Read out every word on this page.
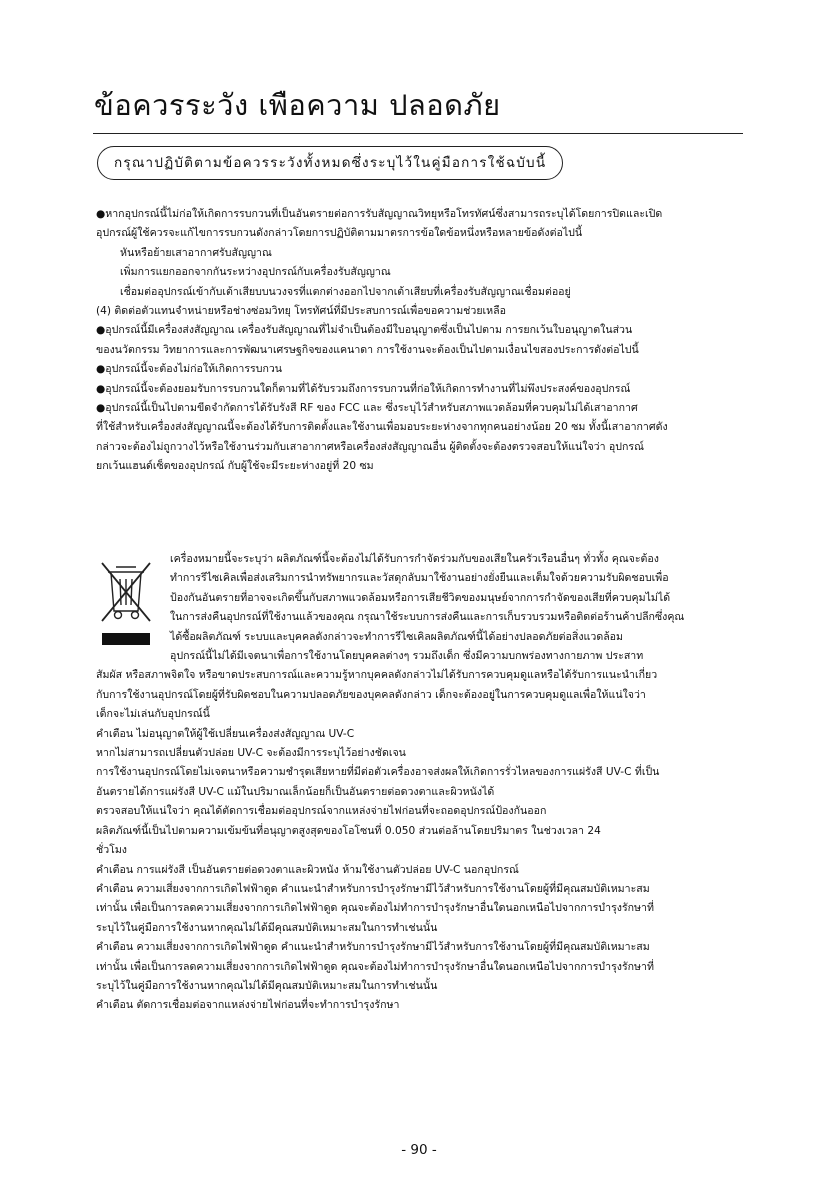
ข้อควรระวัง เพือความ ปลอดภัย
กรุณาปฏิบัติตามข้อควรระวังทั้งหมดซึ่งระบุไว้ในคู่มือการใช้ฉบับนี้

●หากอุปกรณ์นี้ไม่ก่อให้เกิดการรบกวนที่เป็นอันตรายต่อการรับสัญญาณวิทยุหรือโทรทัศน์ซึ่งสามารถระบุได้โดยการปิดและเปิด

อุปกรณ์ผู้ใช้ควรจะแก้ไขการรบกวนดังกล่าวโดยการปฏิบัติตามมาตรการข้อใดข้อหนึ่งหรือหลายข้อดังต่อไปนี้

หันหรือย้ายเสาอากาศรับสัญญาณ

เพิ่มการแยกออกจากกันระหว่างอุปกรณ์กับเครื่องรับสัญญาณ

เชื่อมต่ออุปกรณ์เข้ากับเต้าเสียบบนวงจรที่แตกต่างออกไปจากเต้าเสียบที่เครื่องรับสัญญาณเชื่อมต่ออยู่

(4) ติดต่อตัวแทนจำหน่ายหรือช่างซ่อมวิทยุ โทรทัศน์ที่มีประสบการณ์เพื่อขอความช่วยเหลือ

●อุปกรณ์นี้มีเครื่องส่งสัญญาณ เครื่องรับสัญญาณที่ไม่จำเป็นต้องมีใบอนุญาตซึ่งเป็นไปตาม การยกเว้นใบอนุญาตในส่วน

ของนวัตกรรม วิทยาการและการพัฒนาเศรษฐกิจของแคนาดา การใช้งานจะต้องเป็นไปตามเงื่อนไขสองประการดังต่อไปนี้

●อุปกรณ์นี้จะต้องไม่ก่อให้เกิดการรบกวน

●อุปกรณ์นี้จะต้องยอมรับการรบกวนใดก็ตามที่ได้รับรวมถึงการรบกวนที่ก่อให้เกิดการทำงานที่ไม่พึงประสงค์ของอุปกรณ์

●อุปกรณ์นี้เป็นไปตามขีดจำกัดการได้รับรังสี RF ของ FCC และ ซึ่งระบุไว้สำหรับสภาพแวดล้อมที่ควบคุมไม่ได้เสาอากาศ

ที่ใช้สำหรับเครื่องส่งสัญญาณนี้จะต้องได้รับการติดตั้งและใช้งานเพื่อมอบระยะห่างจากทุกคนอย่างน้อย 20 ซม ทั้งนี้เสาอากาศดัง

กล่าวจะต้องไม่ถูกวางไว้หรือใช้งานร่วมกับเสาอากาศหรือเครื่องส่งสัญญาณอื่น ผู้ติดตั้งจะต้องตรวจสอบให้แน่ใจว่า อุปกรณ์

ยกเว้นแฮนด์เซ็ตของอุปกรณ์ กับผู้ใช้จะมีระยะห่างอยู่ที่ 20 ซม

เครื่องหมายนี้จะระบุว่า ผลิตภัณฑ์นี้จะต้องไม่ได้รับการกำจัดร่วมกับของเสียในครัวเรือนอื่นๆ ทั่วทั้ง คุณจะต้อง

ทำการรีไซเคิลเพื่อส่งเสริมการนำทรัพยากรและวัสดุกลับมาใช้งานอย่างยั่งยืนและเต็มใจด้วยความรับผิดชอบเพื่อ

ป้องกันอันตรายที่อาจจะเกิดขึ้นกับสภาพแวดล้อมหรือการเสียชีวิตของมนุษย์จากการกำจัดของเสียที่ควบคุมไม่ได้

ในการส่งคืนอุปกรณ์ที่ใช้งานแล้วของคุณ กรุณาใช้ระบบการส่งคืนและการเก็บรวบรวมหรือติดต่อร้านค้าปลีกซึ่งคุณ

ได้ซื้อผลิตภัณฑ์ ระบบและบุคคลดังกล่าวจะทำการรีไซเคิลผลิตภัณฑ์นี้ได้อย่างปลอดภัยต่อสิ่งแวดล้อม

อุปกรณ์นี้ไม่ได้มีเจตนาเพื่อการใช้งานโดยบุคคลต่างๆ รวมถึงเด็ก ซึ่งมีความบกพร่องทางกายภาพ ประสาท

สัมผัส หรือสภาพจิตใจ หรือขาดประสบการณ์และความรู้หากบุคคลดังกล่าวไม่ได้รับการควบคุมดูแลหรือได้รับการแนะนำเกี่ยว

กับการใช้งานอุปกรณ์โดยผู้ที่รับผิดชอบในความปลอดภัยของบุคคลดังกล่าว เด็กจะต้องอยู่ในการควบคุมดูแลเพื่อให้แน่ใจว่า

เด็กจะไม่เล่นกับอุปกรณ์นี้

คำเตือน ไม่อนุญาตให้ผู้ใช้เปลี่ยนเครื่องส่งสัญญาณ UV-C

หากไม่สามารถเปลี่ยนตัวปล่อย UV-C จะต้องมีการระบุไว้อย่างชัดเจน

การใช้งานอุปกรณ์โดยไม่เจตนาหรือความชำรุดเสียหายที่มีต่อตัวเครื่องอาจส่งผลให้เกิดการรั่วไหลของการแผ่รังสี UV-C ที่เป็น

อันตรายได้การแผ่รังสี UV-C แม้ในปริมาณเล็กน้อยก็เป็นอันตรายต่อดวงตาและผิวหนังได้

ตรวจสอบให้แน่ใจว่า คุณได้ตัดการเชื่อมต่ออุปกรณ์จากแหล่งจ่ายไฟก่อนที่จะถอดอุปกรณ์ป้องกันออก

ผลิตภัณฑ์นี้เป็นไปตามความเข้มข้นที่อนุญาตสูงสุดของโอโซนที่ 0.050 ส่วนต่อล้านโดยปริมาตร ในช่วงเวลา 24

ชั่วโมง

คำเตือน การแผ่รังสี เป็นอันตรายต่อดวงตาและผิวหนัง ห้ามใช้งานตัวปล่อย UV-C นอกอุปกรณ์

คำเตือน ความเสี่ยงจากการเกิดไฟฟ้าดูด คำแนะนำสำหรับการบำรุงรักษามีไว้สำหรับการใช้งานโดยผู้ที่มีคุณสมบัติเหมาะสม

เท่านั้น เพื่อเป็นการลดความเสี่ยงจากการเกิดไฟฟ้าดูด คุณจะต้องไม่ทำการบำรุงรักษาอื่นใดนอกเหนือไปจากการบำรุงรักษาที่

ระบุไว้ในคู่มือการใช้งานหากคุณไม่ได้มีคุณสมบัติเหมาะสมในการทำเช่นนั้น

คำเตือน ความเสี่ยงจากการเกิดไฟฟ้าดูด คำแนะนำสำหรับการบำรุงรักษามีไว้สำหรับการใช้งานโดยผู้ที่มีคุณสมบัติเหมาะสม

เท่านั้น เพื่อเป็นการลดความเสี่ยงจากการเกิดไฟฟ้าดูด คุณจะต้องไม่ทำการบำรุงรักษาอื่นใดนอกเหนือไปจากการบำรุงรักษาที่

ระบุไว้ในคู่มือการใช้งานหากคุณไม่ได้มีคุณสมบัติเหมาะสมในการทำเช่นนั้น

คำเตือน ตัดการเชื่อมต่อจากแหล่งจ่ายไฟก่อนที่จะทำการบำรุงรักษา

- 90 -
